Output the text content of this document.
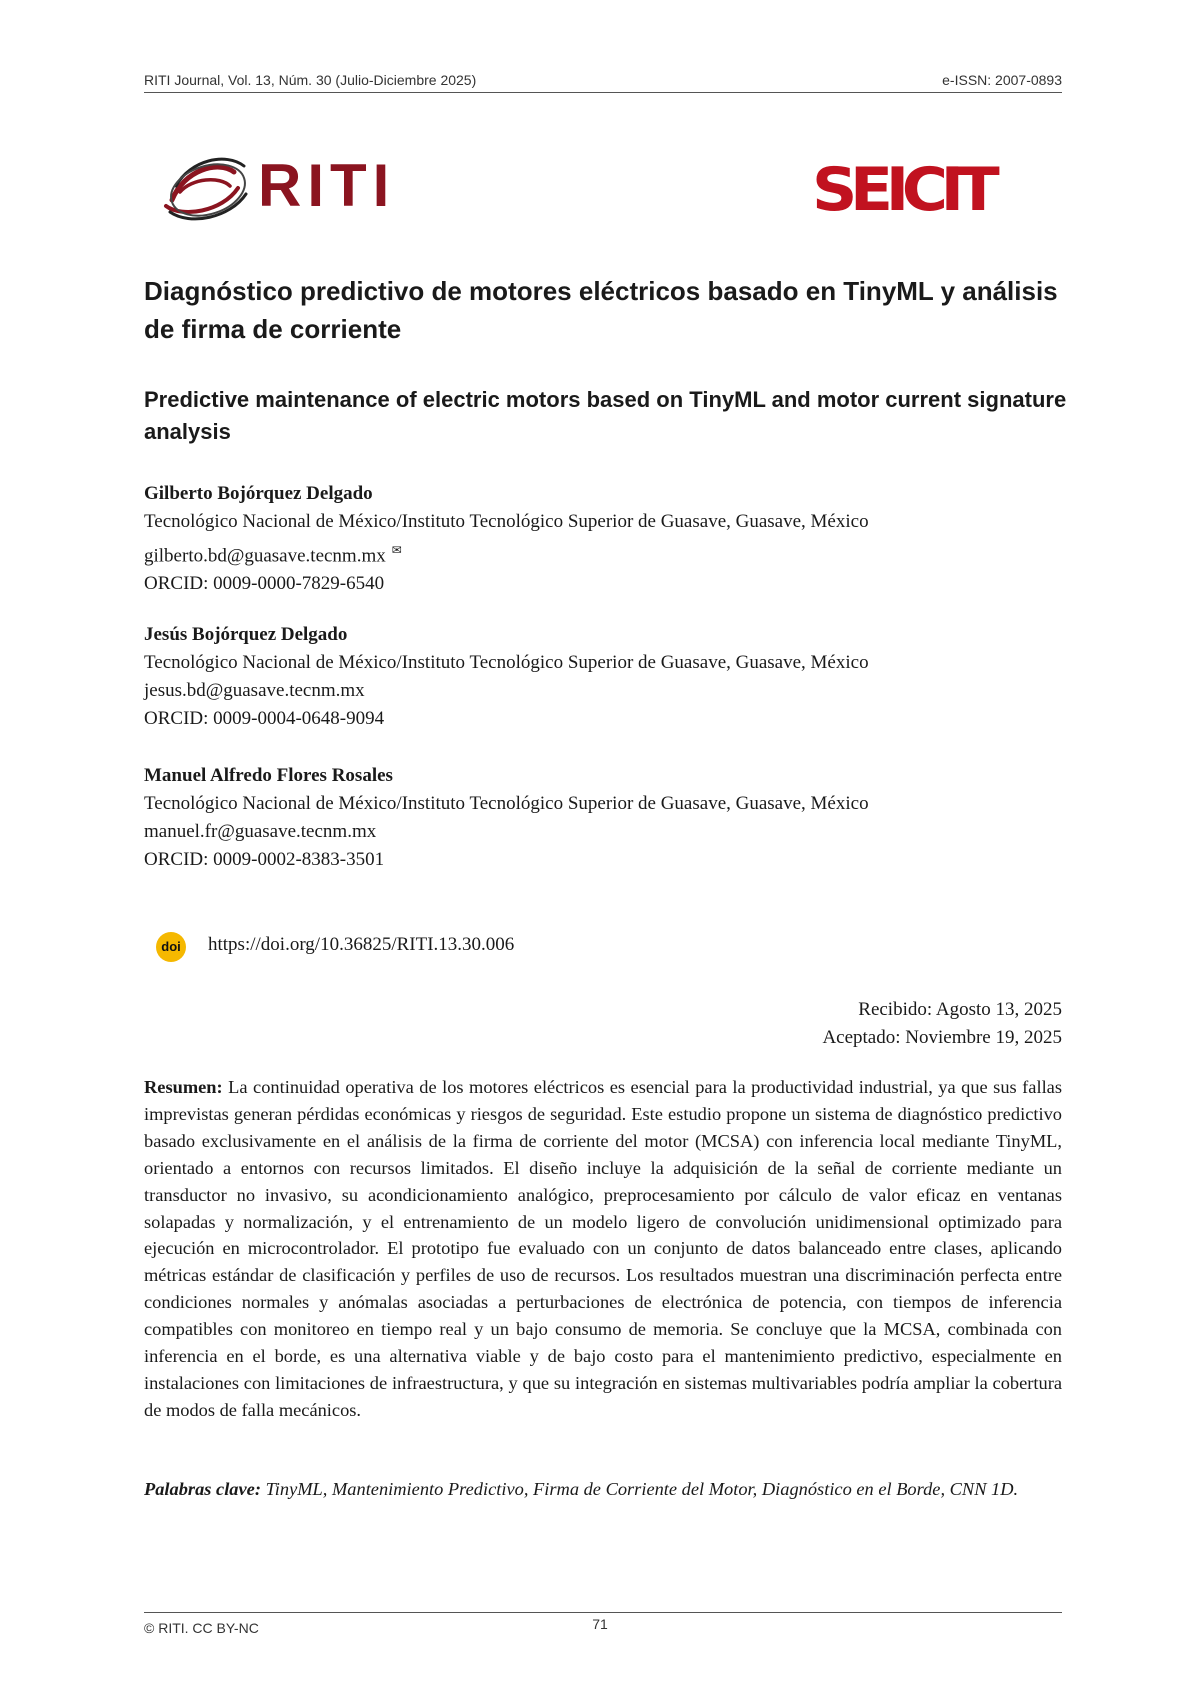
RITI Journal, Vol. 13, Núm. 30 (Julio-Diciembre 2025)	e-ISSN: 2007-0893
RITI	SEICIT
Diagnóstico predictivo de motores eléctricos basado en TinyML y análisis de firma de corriente
Predictive maintenance of electric motors based on TinyML and motor current signature analysis
Gilberto Bojórquez Delgado
Tecnológico Nacional de México/Instituto Tecnológico Superior de Guasave, Guasave, México
gilberto.bd@guasave.tecnm.mx ✉
ORCID: 0009-0000-7829-6540
Jesús Bojórquez Delgado
Tecnológico Nacional de México/Instituto Tecnológico Superior de Guasave, Guasave, México
jesus.bd@guasave.tecnm.mx
ORCID: 0009-0004-0648-9094
Manuel Alfredo Flores Rosales
Tecnológico Nacional de México/Instituto Tecnológico Superior de Guasave, Guasave, México
manuel.fr@guasave.tecnm.mx
ORCID: 0009-0002-8383-3501
doi https://doi.org/10.36825/RITI.13.30.006
Recibido: Agosto 13, 2025
Aceptado: Noviembre 19, 2025
Resumen: La continuidad operativa de los motores eléctricos es esencial para la productividad industrial, ya que sus fallas imprevistas generan pérdidas económicas y riesgos de seguridad. Este estudio propone un sistema de diagnóstico predictivo basado exclusivamente en el análisis de la firma de corriente del motor (MCSA) con inferencia local mediante TinyML, orientado a entornos con recursos limitados. El diseño incluye la adquisición de la señal de corriente mediante un transductor no invasivo, su acondicionamiento analógico, preprocesamiento por cálculo de valor eficaz en ventanas solapadas y normalización, y el entrenamiento de un modelo ligero de convolución unidimensional optimizado para ejecución en microcontrolador. El prototipo fue evaluado con un conjunto de datos balanceado entre clases, aplicando métricas estándar de clasificación y perfiles de uso de recursos. Los resultados muestran una discriminación perfecta entre condiciones normales y anómalas asociadas a perturbaciones de electrónica de potencia, con tiempos de inferencia compatibles con monitoreo en tiempo real y un bajo consumo de memoria. Se concluye que la MCSA, combinada con inferencia en el borde, es una alternativa viable y de bajo costo para el mantenimiento predictivo, especialmente en instalaciones con limitaciones de infraestructura, y que su integración en sistemas multivariables podría ampliar la cobertura de modos de falla mecánicos.
Palabras clave: TinyML, Mantenimiento Predictivo, Firma de Corriente del Motor, Diagnóstico en el Borde, CNN 1D.
© RITI. CC BY-NC	71
